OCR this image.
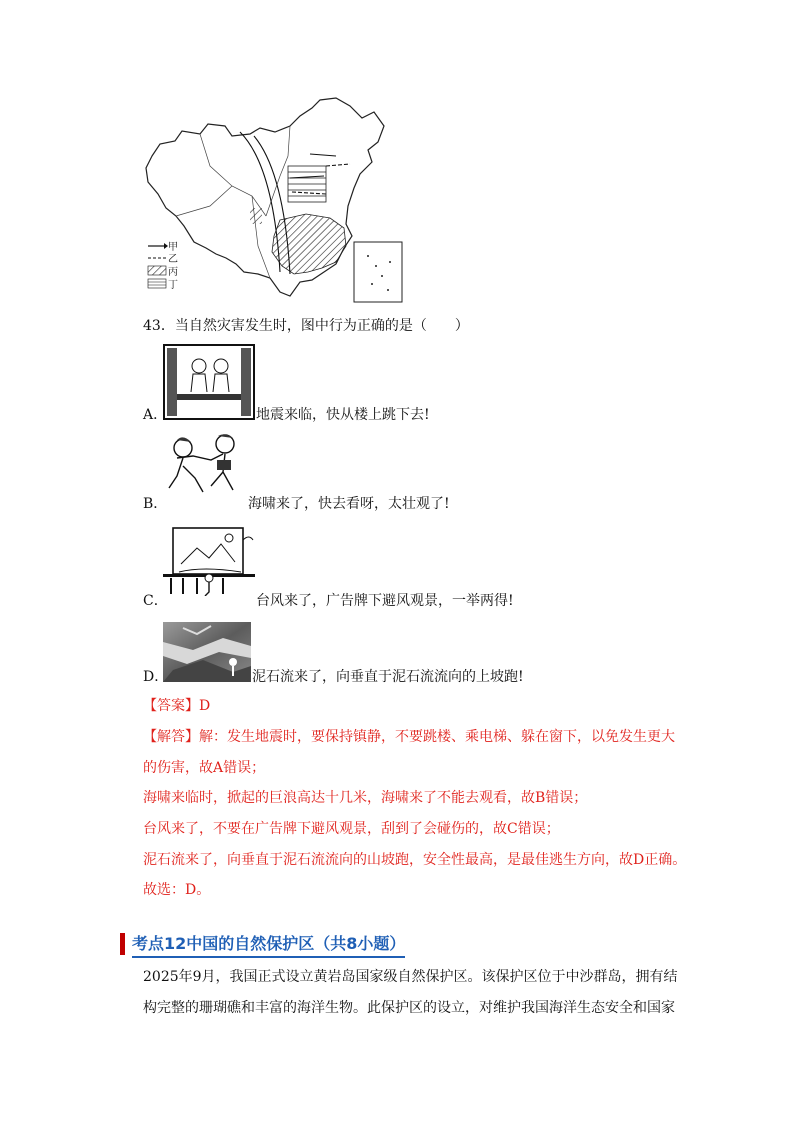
甲
乙
丙
丁
43．当自然灾害发生时，图中行为正确的是（　　）
A．	地震来临，快从楼上跳下去!
B．	海啸来了，快去看呀，太壮观了!
C．	台风来了，广告牌下避风观景，一举两得!
D．	泥石流来了，向垂直于泥石流流向的上坡跑!
【答案】D
【解答】解：发生地震时，要保持镇静，不要跳楼、乘电梯、躲在窗下，以免发生更大
的伤害，故A错误；
海啸来临时，掀起的巨浪高达十几米，海啸来了不能去观看，故B错误；
台风来了，不要在广告牌下避风观景，刮到了会碰伤的，故C错误；
泥石流来了，向垂直于泥石流流向的山坡跑，安全性最高，是最佳逃生方向，故D正确。
故选：D。
考点12中国的自然保护区（共8小题）
2025年9月，我国正式设立黄岩岛国家级自然保护区。该保护区位于中沙群岛，拥有结
构完整的珊瑚礁和丰富的海洋生物。此保护区的设立，对维护我国海洋生态安全和国家
